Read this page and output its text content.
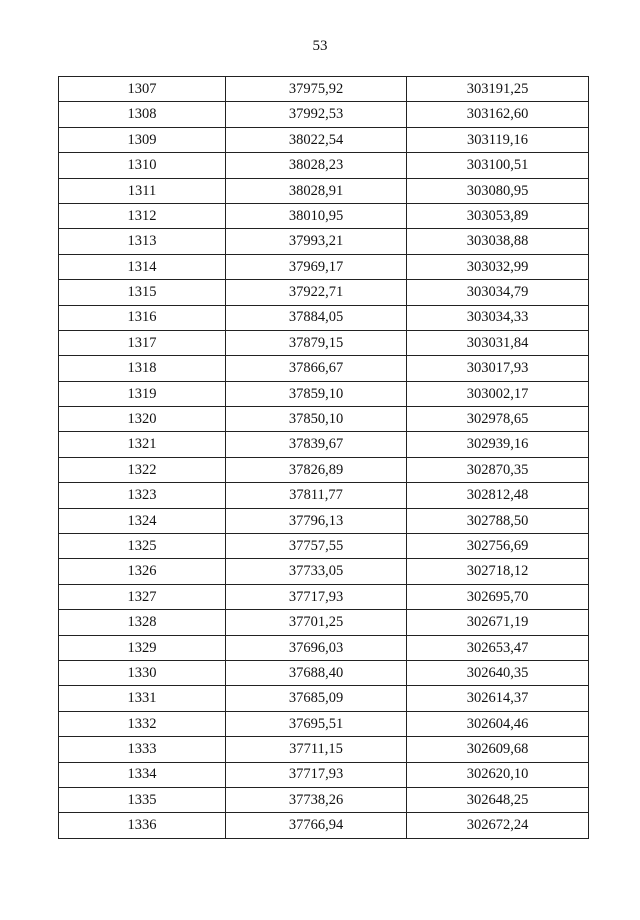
53
1307	37975,92	303191,25
1308	37992,53	303162,60
1309	38022,54	303119,16
1310	38028,23	303100,51
1311	38028,91	303080,95
1312	38010,95	303053,89
1313	37993,21	303038,88
1314	37969,17	303032,99
1315	37922,71	303034,79
1316	37884,05	303034,33
1317	37879,15	303031,84
1318	37866,67	303017,93
1319	37859,10	303002,17
1320	37850,10	302978,65
1321	37839,67	302939,16
1322	37826,89	302870,35
1323	37811,77	302812,48
1324	37796,13	302788,50
1325	37757,55	302756,69
1326	37733,05	302718,12
1327	37717,93	302695,70
1328	37701,25	302671,19
1329	37696,03	302653,47
1330	37688,40	302640,35
1331	37685,09	302614,37
1332	37695,51	302604,46
1333	37711,15	302609,68
1334	37717,93	302620,10
1335	37738,26	302648,25
1336	37766,94	302672,24
